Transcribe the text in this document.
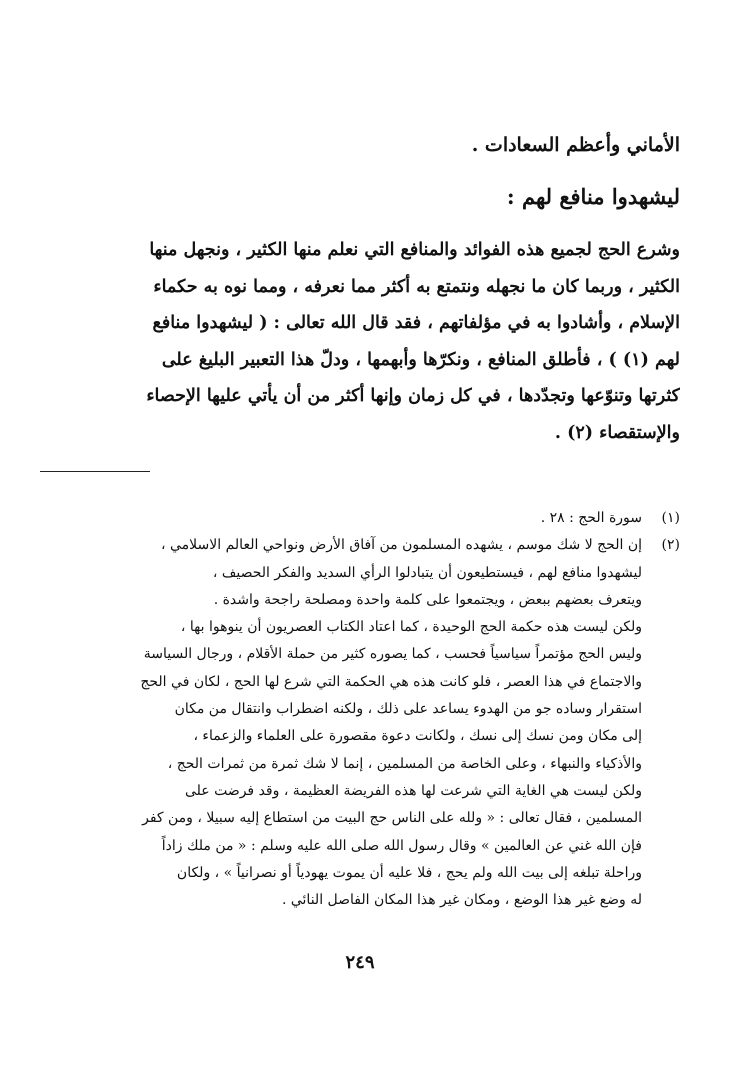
الأماني وأعظم السعادات .
ليشهدوا منافع لهم :
وشرع الحج لجميع هذه الفوائد والمنافع التي نعلم منها الكثير ، ونجهل منها
الكثير ، وربما كان ما نجهله ونتمتع به أكثر مما نعرفه ، ومما نوه به حكماء
الإسلام ، وأشادوا به في مؤلفاتهم ، فقد قال الله تعالى : ( ليشهدوا منافع
لهم (١) ) ، فأطلق المنافع ، ونكرّها وأبهمها ، ودلّ هذا التعبير البليغ على
كثرتها وتنوّعها وتجدّدها ، في كل زمان وإنها أكثر من أن يأتي عليها الإحصاء
والإستقصاء (٢) .
(١)سورة الحج : ٢٨ .
(٢)إن الحج لا شك موسم ، يشهده المسلمون من آفاق الأرض ونواحي العالم الاسلامي ،
ليشهدوا منافع لهم ، فيستطيعون أن يتبادلوا الرأي السديد والفكر الحصيف ،
ويتعرف بعضهم ببعض ، ويجتمعوا على كلمة واحدة ومصلحة راجحة واشدة .
ولكن ليست هذه حكمة الحج الوحيدة ، كما اعتاد الكتاب العصريون أن ينوهوا بها ،
وليس الحج مؤتمراً سياسياً فحسب ، كما يصوره كثير من حملة الأقلام ، ورجال السياسة
والاجتماع في هذا العصر ، فلو كانت هذه هي الحكمة التي شرع لها الحج ، لكان في الحج
استقرار وساده جو من الهدوء يساعد على ذلك ، ولكنه اضطراب وانتقال من مكان
إلى مكان ومن نسك إلى نسك ، ولكانت دعوة مقصورة على العلماء والزعماء ،
والأذكياء والنبهاء ، وعلى الخاصة من المسلمين ، إنما لا شك ثمرة من ثمرات الحج ،
ولكن ليست هي الغاية التي شرعت لها هذه الفريضة العظيمة ، وقد فرضت على
المسلمين ، فقال تعالى : « ولله على الناس حج البيت من استطاع إليه سبيلا ، ومن كفر
فإن الله غني عن العالمين » وقال رسول الله صلى الله عليه وسلم : « من ملك زاداً
وراحلة تبلغه إلى بيت الله ولم يحج ، فلا عليه أن يموت يهودياً أو نصرانياً » ، ولكان
له وضع غير هذا الوضع ، ومكان غير هذا المكان الفاصل النائي .
٢٤٩
